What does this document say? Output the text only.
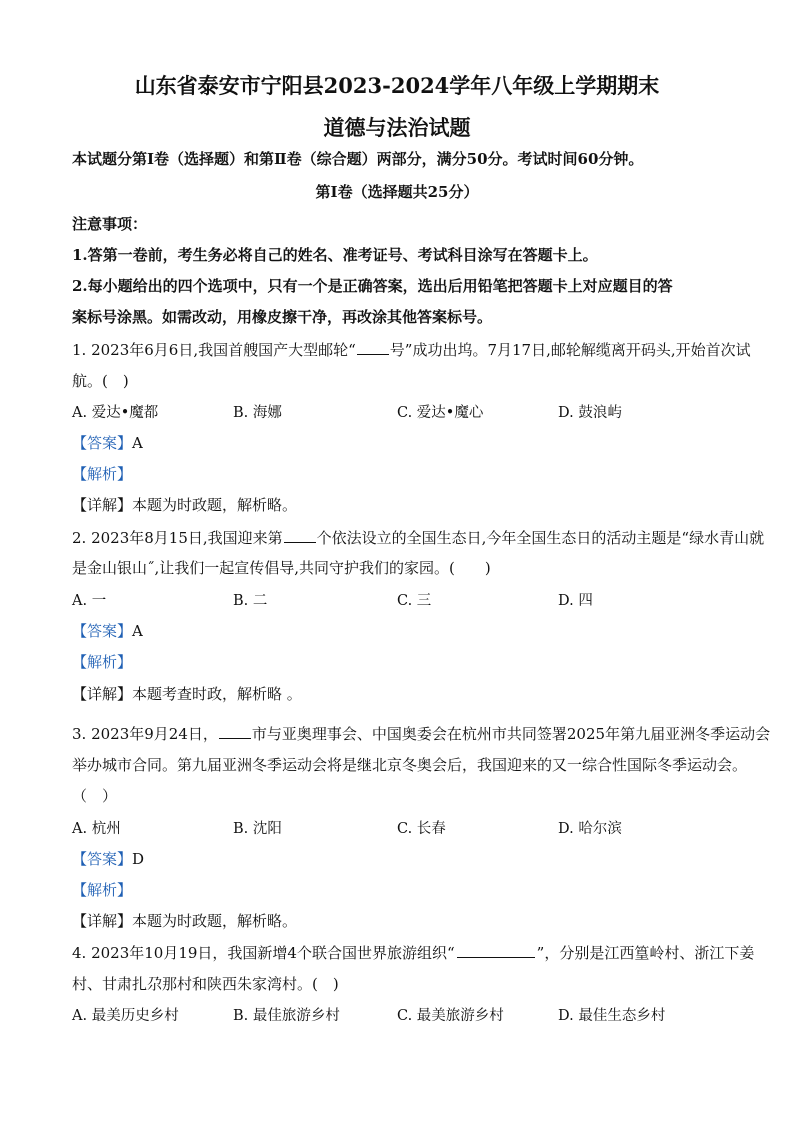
山东省泰安市宁阳县2023-2024学年八年级上学期期末
道德与法治试题
本试题分第Ⅰ卷（选择题）和第Ⅱ卷（综合题）两部分，满分50分。考试时间60分钟。
第Ⅰ卷（选择题共25分）
注意事项：
1.答第一卷前，考生务必将自己的姓名、准考证号、考试科目涂写在答题卡上。
2.每小题给出的四个选项中，只有一个是正确答案，选出后用铅笔把答题卡上对应题目的答
案标号涂黑。如需改动，用橡皮擦干净，再改涂其他答案标号。
1. 2023年6月6日,我国首艘国产大型邮轮“ 号”成功出坞。7月17日,邮轮解缆离开码头,开始首次试
航。(　)
A. 爱达•魔都	B. 海娜	C. 爱达•魔心	D. 鼓浪屿
【答案】A
【解析】
【详解】本题为时政题，解析略。
2. 2023年8月15日,我国迎来第 个依法设立的全国生态日,今年全国生态日的活动主题是“绿水青山就
是金山银山˝,让我们一起宣传倡导,共同守护我们的家园。(　　)
A. 一	B. 二	C. 三	D. 四
【答案】A
【解析】
【详解】本题考查时政，解析略 。
3. 2023年9月24日， 市与亚奥理事会、中国奥委会在杭州市共同签署2025年第九届亚洲冬季运动会
举办城市合同。第九届亚洲冬季运动会将是继北京冬奥会后，我国迎来的又一综合性国际冬季运动会。
（　）
A. 杭州	B. 沈阳	C. 长春	D. 哈尔滨
【答案】D
【解析】
【详解】本题为时政题，解析略。
4. 2023年10月19日，我国新增4个联合国世界旅游组织“	”，分别是江西篁岭村、浙江下姜
村、甘肃扎尕那村和陕西朱家湾村。(　)
A. 最美历史乡村	B. 最佳旅游乡村	C. 最美旅游乡村	D. 最佳生态乡村
